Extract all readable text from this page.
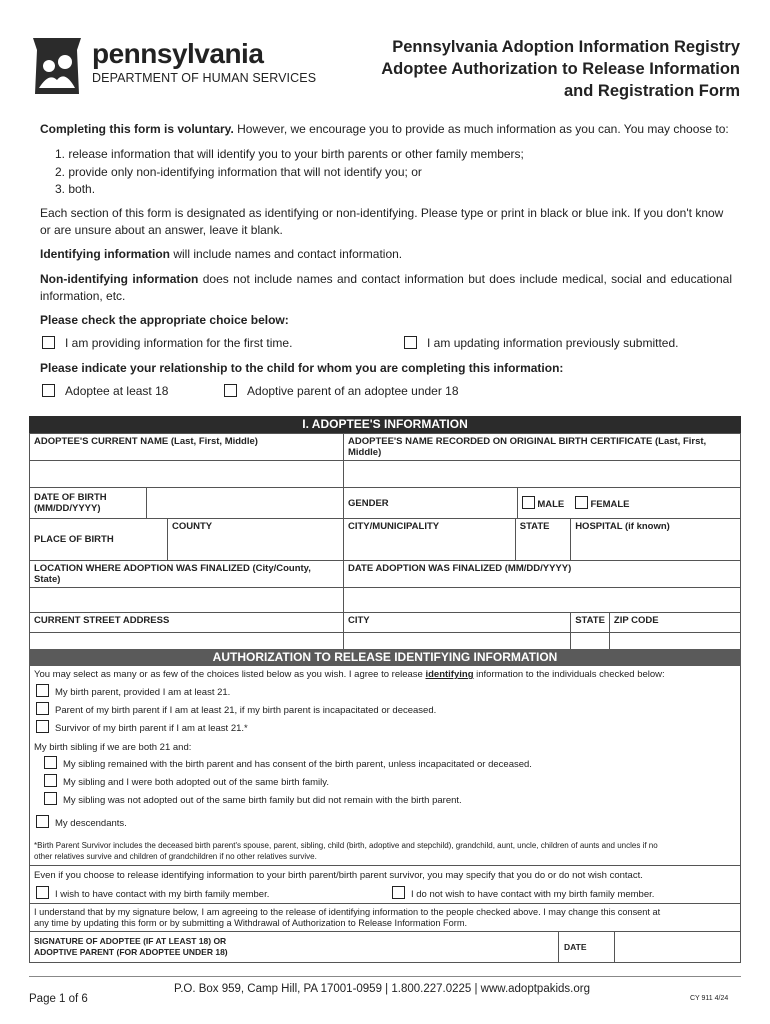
pennsylvania
DEPARTMENT OF HUMAN SERVICES
Pennsylvania Adoption Information Registry
Adoptee Authorization to Release Information
and Registration Form
Completing this form is voluntary. However, we encourage you to provide as much information as you can. You may choose to:
1. release information that will identify you to your birth parents or other family members;
2. provide only non-identifying information that will not identify you; or
3. both.
Each section of this form is designated as identifying or non-identifying. Please type or print in black or blue ink. If you don't know or are unsure about an answer, leave it blank.
Identifying information will include names and contact information.
Non-identifying information does not include names and contact information but does include medical, social and educational information, etc.
Please check the appropriate choice below:
I am providing information for the first time.	I am updating information previously submitted.
Please indicate your relationship to the child for whom you are completing this information:
Adoptee at least 18	Adoptive parent of an adoptee under 18
I. ADOPTEE'S INFORMATION
ADOPTEE'S CURRENT NAME (Last, First, Middle)			ADOPTEE'S NAME RECORDED ON ORIGINAL BIRTH CERTIFICATE (Last, First, Middle)				

DATE OF BIRTH (MM/DD/YYYY)			GENDER		MALE FEMALE		
PLACE OF BIRTH		COUNTY	CITY/MUNICIPALITY	STATE		HOSPITAL (if known)	
LOCATION WHERE ADOPTION WAS FINALIZED (City/County, State)			DATE ADOPTION WAS FINALIZED (MM/DD/YYYY)				

CURRENT STREET ADDRESS			CITY			STATE	ZIP CODE

AUTHORIZATION TO RELEASE IDENTIFYING INFORMATION
You may select as many or as few of the choices listed below as you wish. I agree to release identifying information to the individuals checked below:
My birth parent, provided I am at least 21.
Parent of my birth parent if I am at least 21, if my birth parent is incapacitated or deceased.
Survivor of my birth parent if I am at least 21.*
My birth sibling if we are both 21 and:
My sibling remained with the birth parent and has consent of the birth parent, unless incapacitated or deceased.
My sibling and I were both adopted out of the same birth family.
My sibling was not adopted out of the same birth family but did not remain with the birth parent.
My descendants.
*Birth Parent Survivor includes the deceased birth parent's spouse, parent, sibling, child (birth, adoptive and stepchild), grandchild, aunt, uncle, children of aunts and uncles if no
other relatives survive and children of grandchildren if no other relatives survive.
Even if you choose to release identifying information to your birth parent/birth parent survivor, you may specify that you do or do not wish contact.
I wish to have contact with my birth family member.	I do not wish to have contact with my birth family member.
I understand that by my signature below, I am agreeing to the release of identifying information to the people checked above. I may change this consent at
any time by updating this form or by submitting a Withdrawal of Authorization to Release Information Form.
SIGNATURE OF ADOPTEE (IF AT LEAST 18) OR
ADOPTIVE PARENT (FOR ADOPTEE UNDER 18)	DATE
Page 1 of 6
P.O. Box 959, Camp Hill, PA 17001-0959 | 1.800.227.0225 | www.adoptpakids.org
CY 911 4/24
